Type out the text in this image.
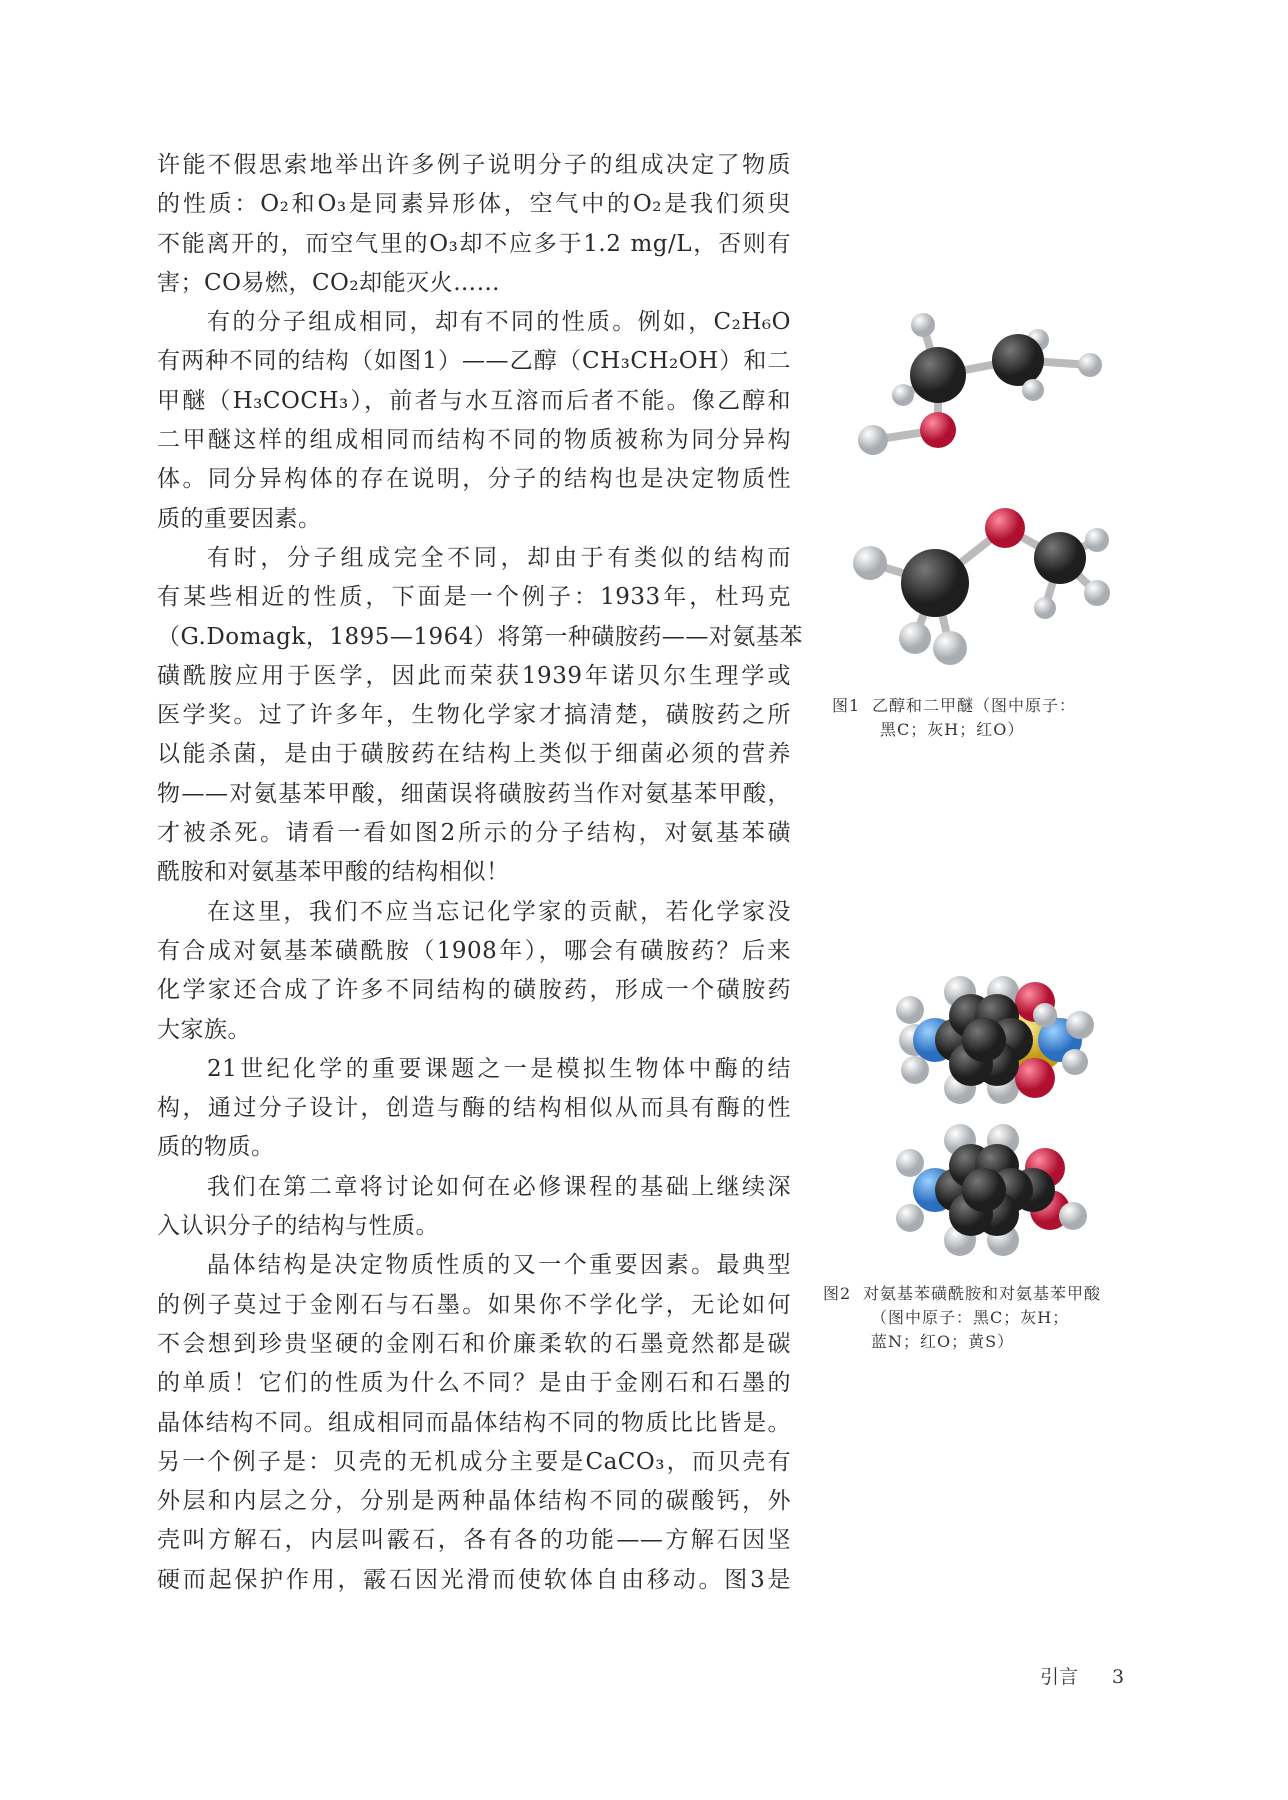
许能不假思索地举出许多例子说明分子的组成决定了物质
的性质：O₂和O₃是同素异形体，空气中的O₂是我们须臾
不能离开的，而空气里的O₃却不应多于1.2 mg/L，否则有
害；CO易燃，CO₂却能灭火……
有的分子组成相同，却有不同的性质。例如，C₂H₆O
有两种不同的结构（如图1）——乙醇（CH₃CH₂OH）和二
甲醚（H₃COCH₃），前者与水互溶而后者不能。像乙醇和
二甲醚这样的组成相同而结构不同的物质被称为同分异构
体。同分异构体的存在说明，分子的结构也是决定物质性
质的重要因素。
有时，分子组成完全不同，却由于有类似的结构而
有某些相近的性质，下面是一个例子：1933年，杜玛克
（G.Domagk，1895—1964）将第一种磺胺药——对氨基苯
磺酰胺应用于医学，因此而荣获1939年诺贝尔生理学或
医学奖。过了许多年，生物化学家才搞清楚，磺胺药之所
以能杀菌，是由于磺胺药在结构上类似于细菌必须的营养
物——对氨基苯甲酸，细菌误将磺胺药当作对氨基苯甲酸，
才被杀死。请看一看如图2所示的分子结构，对氨基苯磺
酰胺和对氨基苯甲酸的结构相似！
在这里，我们不应当忘记化学家的贡献，若化学家没
有合成对氨基苯磺酰胺（1908年），哪会有磺胺药？后来
化学家还合成了许多不同结构的磺胺药，形成一个磺胺药
大家族。
21世纪化学的重要课题之一是模拟生物体中酶的结
构，通过分子设计，创造与酶的结构相似从而具有酶的性
质的物质。
我们在第二章将讨论如何在必修课程的基础上继续深
入认识分子的结构与性质。
晶体结构是决定物质性质的又一个重要因素。最典型
的例子莫过于金刚石与石墨。如果你不学化学，无论如何
不会想到珍贵坚硬的金刚石和价廉柔软的石墨竟然都是碳
的单质！它们的性质为什么不同？是由于金刚石和石墨的
晶体结构不同。组成相同而晶体结构不同的物质比比皆是。
另一个例子是：贝壳的无机成分主要是CaCO₃，而贝壳有
外层和内层之分，分别是两种晶体结构不同的碳酸钙，外
壳叫方解石，内层叫霰石，各有各的功能——方解石因坚
硬而起保护作用，霰石因光滑而使软体自由移动。图3是
图1 乙醇和二甲醚（图中原子：
黑C；灰H；红O）
图2 对氨基苯磺酰胺和对氨基苯甲酸
（图中原子：黑C；灰H；
蓝N；红O；黄S）
引言 3
